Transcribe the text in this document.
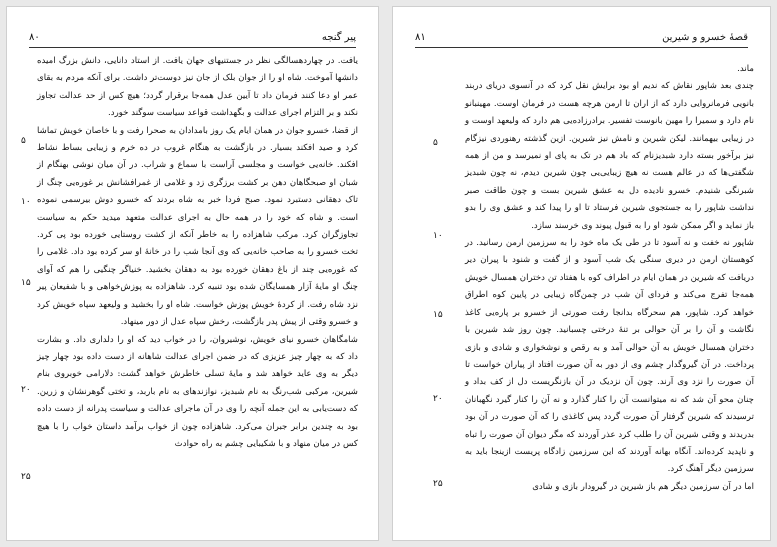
۸۰	پیر گنجه

یافت. در چهاردهسالگی نظر در جستنیهای جهان یافت. از استاد دانایی، دانش بزرگ امیده دانشها آموخت. شاه او را از جوان بلک از جان نیز دوست‌تر داشت. برای آنکه مردم به بقای عمر او دعا کنند فرمان داد تا آیین عدل همه‌جا برقرار گردد؛ هیچ کس از حد عدالت تجاوز نکند و بر التزام اجرای عدالت و بگهداشت قواعد سیاست سوگند خورد.

از قضا، خسرو جوان در همان ایام یک روز بامدادان به صحرا رفت و با خاصان خویش تماشا کرد و صید افکند بسیار. در بازگشت به هنگام غروب در ده خرم و زیبایی بساط نشاط افکند. خانه‌یی خواست و مجلسی آراست با سماع و شراب. در آن میان نوشی بهنگام از شبان او صبحگاهان دهن بر کشت برزگری زد و غلامی از غمرافشانش بر غوره‌یی چنگ از تاک دهقانی دستبرد نمود. صبح فردا خبر به شاه بردند که خسرو دوش بیرسمی نموده است. و شاه که خود را در همه حال به اجرای عدالت متعهد میدید حکم به سیاست تجاوزگران کرد. مرکب شاهزاده را به خاطر آنکه از کشت روستایی خورده بود پی کرد. تخت خسرو را به صاحب خانه‌یی که وی آنجا شب را در خانهٔ او سر کرده بود داد. غلامی را که غوره‌یی چند از باغ دهقان خورده بود به دهقان بخشید. خنیاگر چنگیی را هم که آوای چنگ او مایهٔ آزار همسایگان شده بود تنبیه کرد. شاهزاده به پوزش‌خواهی و با شفیعان پیر نزد شاه رفت. از کردهٔ خویش پوزش خواست. شاه او را بخشید و ولیعهد سپاه خویش کرد و خسرو وقتی از پیش پدر بازگشت، رخش سپاه عدل از دور مینهاد.

شامگاهان خسرو نیای خویش، نوشیروان، را در خواب دید که او را دلداری داد. و بشارت داد که به چهار چیز عزیزی که در ضمن اجرای عدالت شاهانه از دست داده بود چهار چیز دیگر به وی عاید خواهد شد و مایهٔ تسلی خاطرش خواهد گشت: دلارامی خوبروی بنام شیرین، مرکبی شب‌رنگ به نام شبدیز، نوازندهای به نام باربد، و تختی گوهرنشان و زرین. که دست‌یابی به این جمله آنچه را وی در آن ماجرای عدالت و سیاست پدرانه از دست داده بود به چندین برابر جبران می‌کرد. شاهزاده چون از خواب برآمد داستان خواب را با هیچ کس در میان منهاد و با شکیبایی چشم به راه حوادث

۵
۱۰
۱۵
۲۰
۲۵
۸۱	قصهٔ خسرو و شیرین

ماند.

چندی بعد شاپور نقاش که ندیم او بود برایش نقل کرد که در آنسوی دریای دربند بانویی فرمانروایی دارد که از اران تا ارمن هرچه هست در فرمان اوست. مهینبانو نام دارد و سمیرا را مهین بانوست تفسیر. برادرزاده‌یی هم دارد که ولیعهد اوست و در زیبایی بیهمانند. لیکن شیرین و نامش نیز شیرین. ازین گذشته رهنوردی نیزگام نیز برآخور بسته دارد شبدیزنام که باد هم در تک به پای او نمیرسد و من از همه شگفتی‌ها که در عالم هست نه هیچ زیبایی‌یی چون شیرین دیدم، نه چون شبدیز شبرنگی شنیدم. خسرو نادیده دل به عشق شیرین بست و چون طاقت صبر نداشت شاپور را به جستجوی شیرین فرستاد تا او را پیدا کند و عشق وی را بدو باز نماید و اگر ممکن شود او را به قبول پیوند وی خرسند سازد.

شاپور نه خفت و نه آسود تا در طی یک ماه خود را به سرزمین ارمن رسانید. در کوهستان ارمن در دیری سنگی یک شب آسود و از گفت و شنود با پیران دیر دریافت که شیرین در همان ایام در اطراف کوه با هفتاد تن دختران همسال خویش همه‌جا تفرج می‌کند و فردای آن شب در چمن‌گاه زیبایی در پایین کوه اطراق خواهد کرد. شاپور، هم سحرگاه بدانجا رفت صورتی از خسرو بر پاره‌یی کاغذ نگاشت و آن را بر آن حوالی بر تنهٔ درختی چسبانید. چون روز شد شیرین با دختران همسال خویش به آن حوالی آمد و به رقص و نوشخواری و شادی و بازی پرداخت. در آن گیروگدار چشم وی از دور به آن صورت افتاد از پیاران خواست تا آن صورت را نزد وی آرند. چون آن نزدیک در آن بازنگریست دل از کف بداد و چنان محو آن شد که نه میتوانست آن را کنار گذارد و نه آن را کنار گیرد نگهبانان ترسیدند که شیرین گرفتار آن صورت گردد پس کاغذی را که آن صورت در آن بود بدریدند و وقتی شیرین آن را طلب کرد عذر آوردند که مگر دیوان آن صورت را تباه و ناپدید کرده‌اند. آنگاه بهانه آوردند که این سرزمین زادگاه پریست ازینجا باید به سرزمین دیگر آهنگ کرد.

اما در آن سرزمین دیگر هم باز شیرین در گیرودار بازی و شادی

۵
۱۰
۱۵
۲۰
۲۵
